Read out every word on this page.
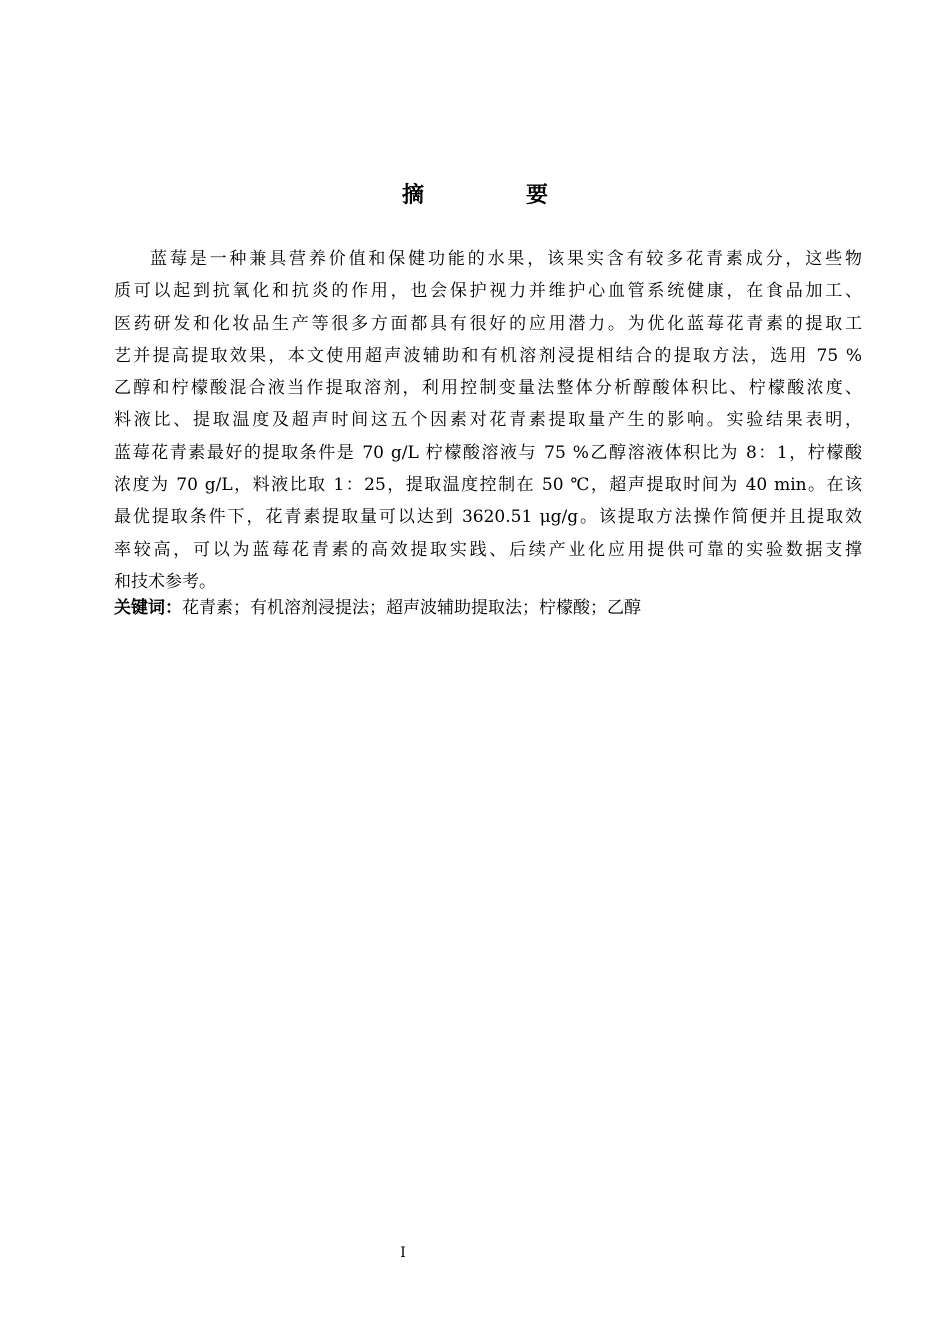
摘　要
蓝莓是一种兼具营养价值和保健功能的水果，该果实含有较多花青素成分，这些物
质可以起到抗氧化和抗炎的作用，也会保护视力并维护心血管系统健康，在食品加工、
医药研发和化妆品生产等很多方面都具有很好的应用潜力。为优化蓝莓花青素的提取工
艺并提高提取效果，本文使用超声波辅助和有机溶剂浸提相结合的提取方法，选用 75 %
乙醇和柠檬酸混合液当作提取溶剂，利用控制变量法整体分析醇酸体积比、柠檬酸浓度、
料液比、提取温度及超声时间这五个因素对花青素提取量产生的影响。实验结果表明，
蓝莓花青素最好的提取条件是 70 g/L 柠檬酸溶液与 75 %乙醇溶液体积比为 8：1，柠檬酸
浓度为 70 g/L，料液比取 1：25，提取温度控制在 50 ℃，超声提取时间为 40 min。在该
最优提取条件下，花青素提取量可以达到 3620.51 μg/g。该提取方法操作简便并且提取效
率较高，可以为蓝莓花青素的高效提取实践、后续产业化应用提供可靠的实验数据支撑
和技术参考。
关键词：花青素；有机溶剂浸提法；超声波辅助提取法；柠檬酸；乙醇
I
